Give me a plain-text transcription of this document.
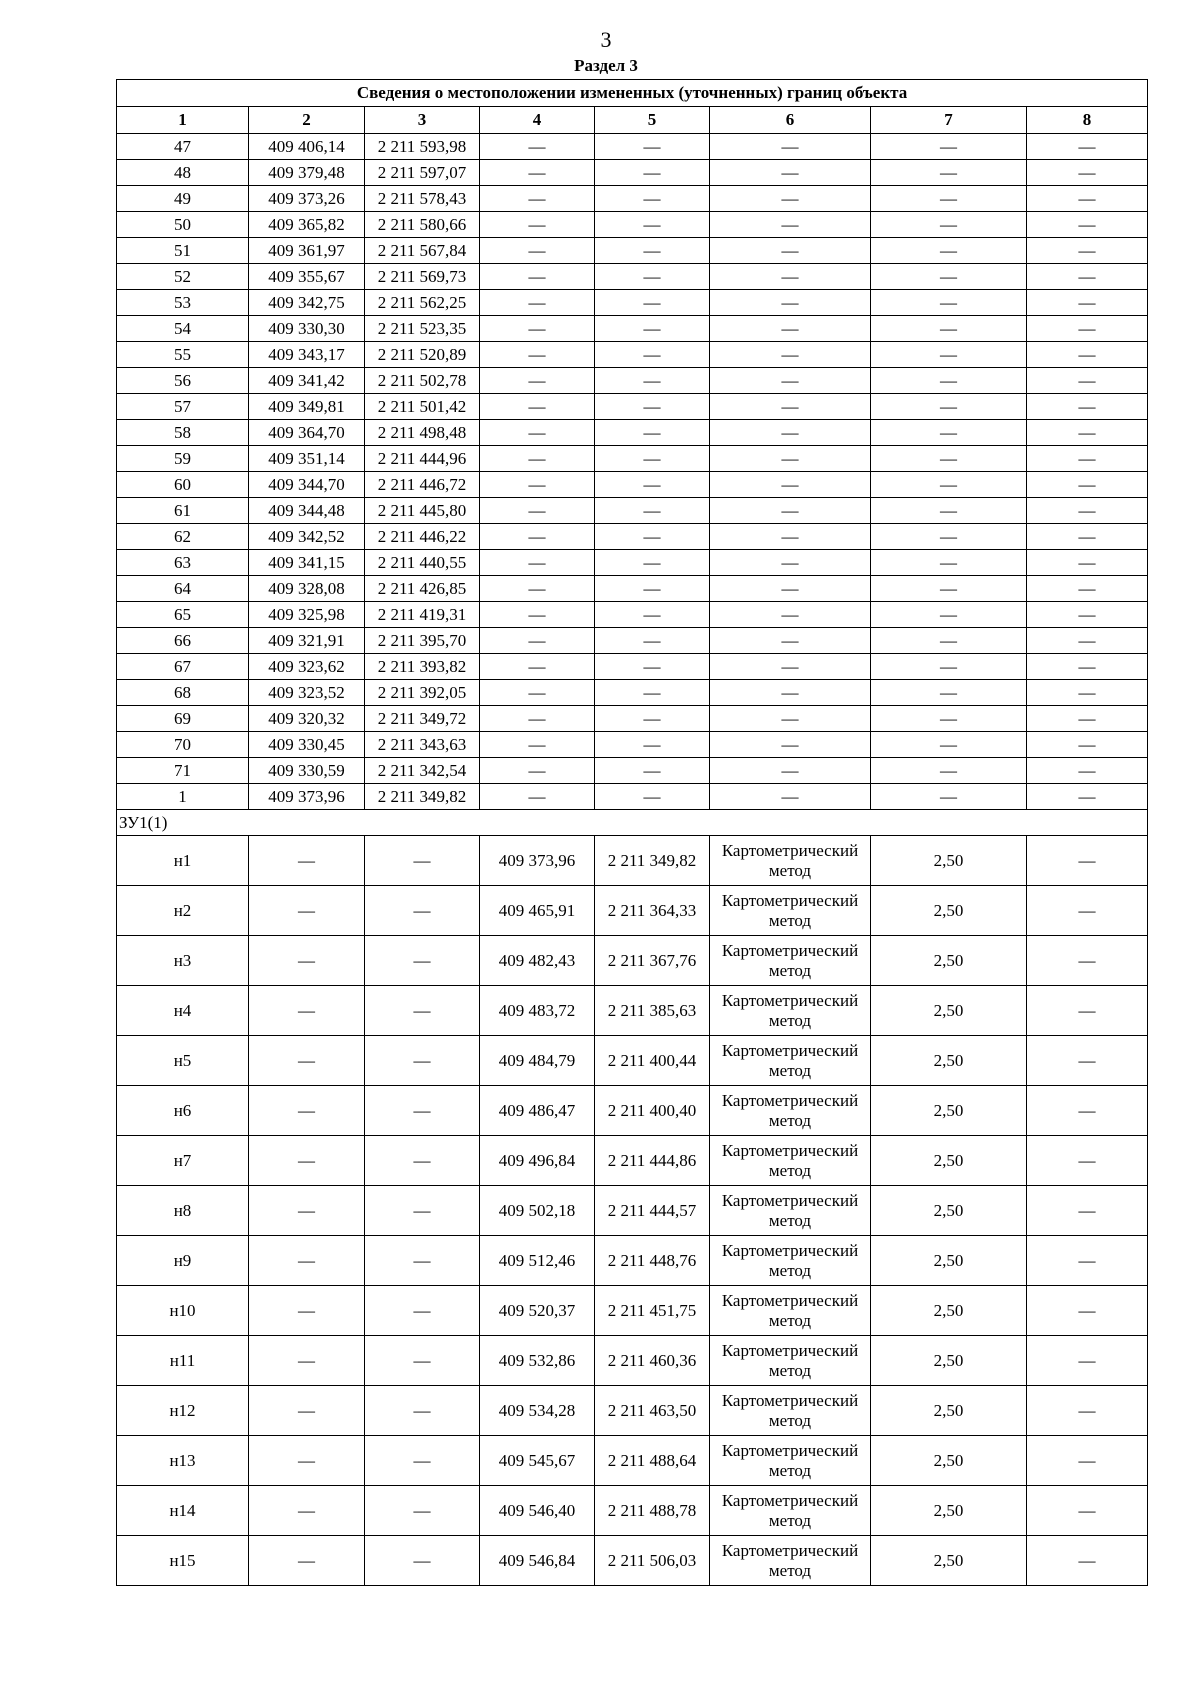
3
Раздел 3
Сведения о местоположении измененных (уточненных) границ объекта							
1	2	3	4	5	6	7	8
47	409 406,14	2 211 593,98	—	—	—	—	—
48	409 379,48	2 211 597,07	—	—	—	—	—
49	409 373,26	2 211 578,43	—	—	—	—	—
50	409 365,82	2 211 580,66	—	—	—	—	—
51	409 361,97	2 211 567,84	—	—	—	—	—
52	409 355,67	2 211 569,73	—	—	—	—	—
53	409 342,75	2 211 562,25	—	—	—	—	—
54	409 330,30	2 211 523,35	—	—	—	—	—
55	409 343,17	2 211 520,89	—	—	—	—	—
56	409 341,42	2 211 502,78	—	—	—	—	—
57	409 349,81	2 211 501,42	—	—	—	—	—
58	409 364,70	2 211 498,48	—	—	—	—	—
59	409 351,14	2 211 444,96	—	—	—	—	—
60	409 344,70	2 211 446,72	—	—	—	—	—
61	409 344,48	2 211 445,80	—	—	—	—	—
62	409 342,52	2 211 446,22	—	—	—	—	—
63	409 341,15	2 211 440,55	—	—	—	—	—
64	409 328,08	2 211 426,85	—	—	—	—	—
65	409 325,98	2 211 419,31	—	—	—	—	—
66	409 321,91	2 211 395,70	—	—	—	—	—
67	409 323,62	2 211 393,82	—	—	—	—	—
68	409 323,52	2 211 392,05	—	—	—	—	—
69	409 320,32	2 211 349,72	—	—	—	—	—
70	409 330,45	2 211 343,63	—	—	—	—	—
71	409 330,59	2 211 342,54	—	—	—	—	—
1	409 373,96	2 211 349,82	—	—	—	—	—
ЗУ1(1)							
н1	—	—	409 373,96	2 211 349,82	Картометрический метод	2,50	—
н2	—	—	409 465,91	2 211 364,33	Картометрический метод	2,50	—
н3	—	—	409 482,43	2 211 367,76	Картометрический метод	2,50	—
н4	—	—	409 483,72	2 211 385,63	Картометрический метод	2,50	—
н5	—	—	409 484,79	2 211 400,44	Картометрический метод	2,50	—
н6	—	—	409 486,47	2 211 400,40	Картометрический метод	2,50	—
н7	—	—	409 496,84	2 211 444,86	Картометрический метод	2,50	—
н8	—	—	409 502,18	2 211 444,57	Картометрический метод	2,50	—
н9	—	—	409 512,46	2 211 448,76	Картометрический метод	2,50	—
н10	—	—	409 520,37	2 211 451,75	Картометрический метод	2,50	—
н11	—	—	409 532,86	2 211 460,36	Картометрический метод	2,50	—
н12	—	—	409 534,28	2 211 463,50	Картометрический метод	2,50	—
н13	—	—	409 545,67	2 211 488,64	Картометрический метод	2,50	—
н14	—	—	409 546,40	2 211 488,78	Картометрический метод	2,50	—
н15	—	—	409 546,84	2 211 506,03	Картометрический метод	2,50	—
